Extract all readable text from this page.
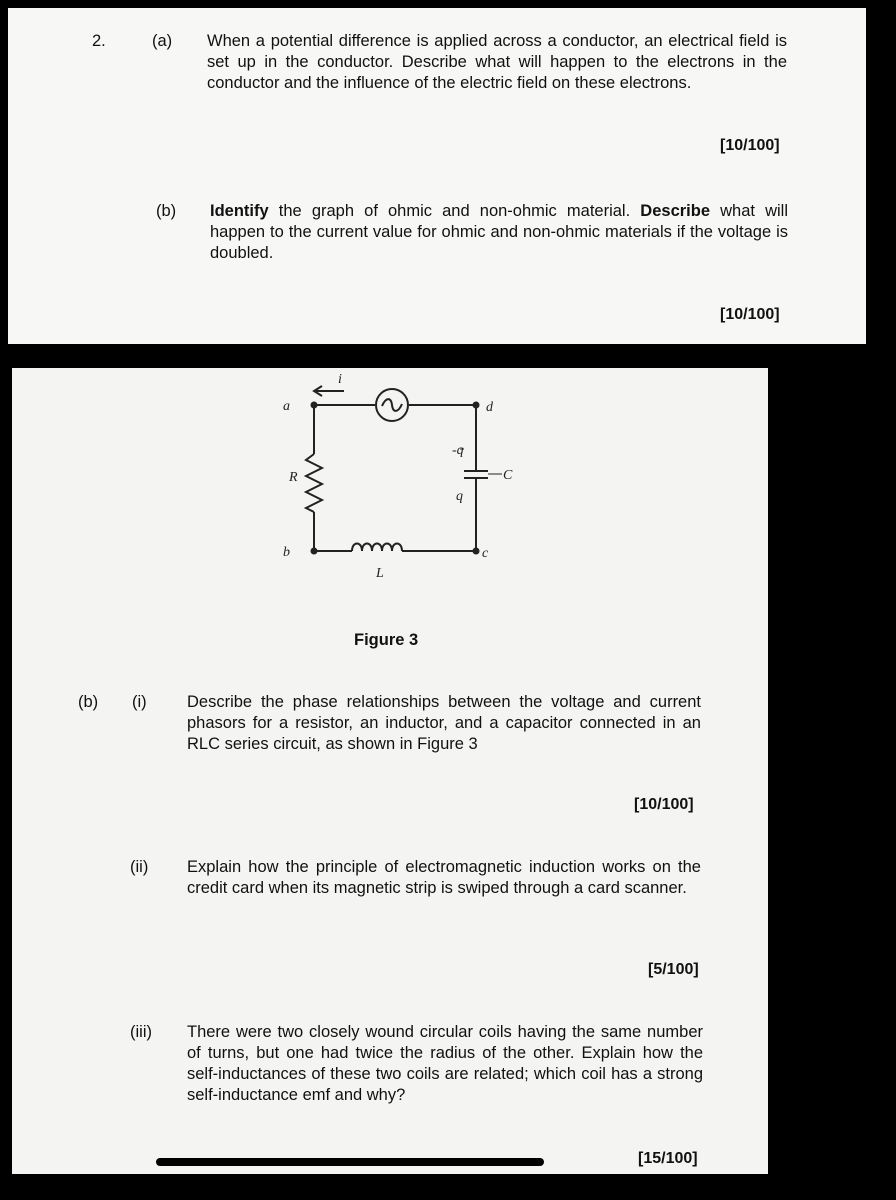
2.	(a) When a potential difference is applied across a conductor, an electrical field is set up in the conductor. Describe what will happen to the electrons in the conductor and the influence of the electric field on these electrons.
[10/100]
(b) Identify the graph of ohmic and non-ohmic material. Describe what will happen to the current value for ohmic and non-ohmic materials if the voltage is doubled.
[10/100]
i
a	d
b	c
R
L
C
-q
q
Figure 3
(b) (i) Describe the phase relationships between the voltage and current phasors for a resistor, an inductor, and a capacitor connected in an RLC series circuit, as shown in Figure 3
[10/100]
(ii) Explain how the principle of electromagnetic induction works on the credit card when its magnetic strip is swiped through a card scanner.
[5/100]
(iii) There were two closely wound circular coils having the same number of turns, but one had twice the radius of the other. Explain how the self-inductances of these two coils are related; which coil has a strong self-inductance emf and why?
[15/100]
